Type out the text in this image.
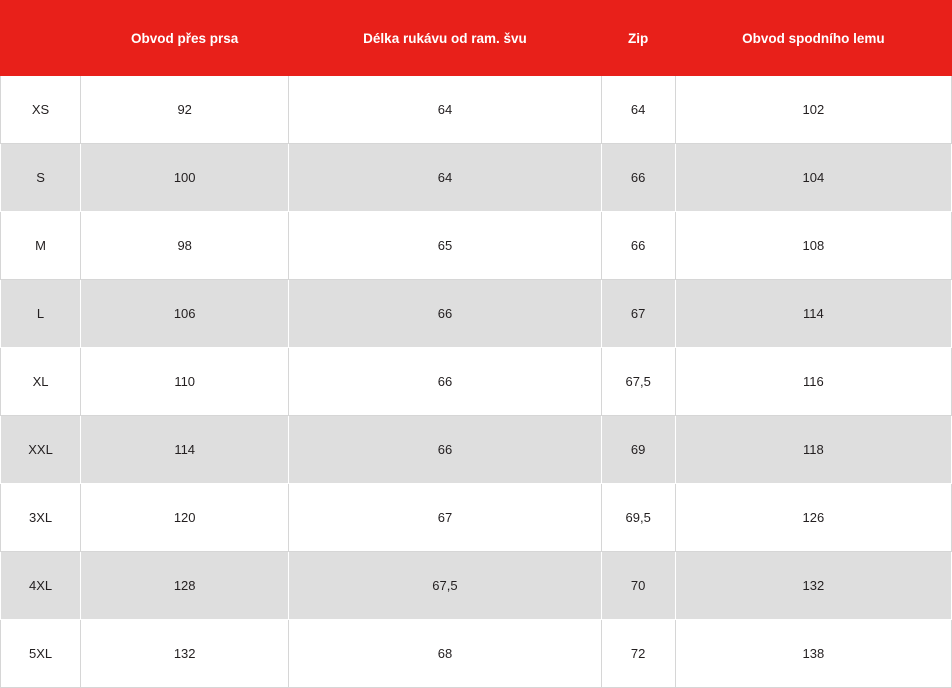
	Obvod přes prsa	Délka rukávu od ram. švu	Zip	Obvod spodního lemu
XS	92	64	64	102
S	100	64	66	104
M	98	65	66	108
L	106	66	67	114
XL	110	66	67,5	116
XXL	114	66	69	118
3XL	120	67	69,5	126
4XL	128	67,5	70	132
5XL	132	68	72	138
